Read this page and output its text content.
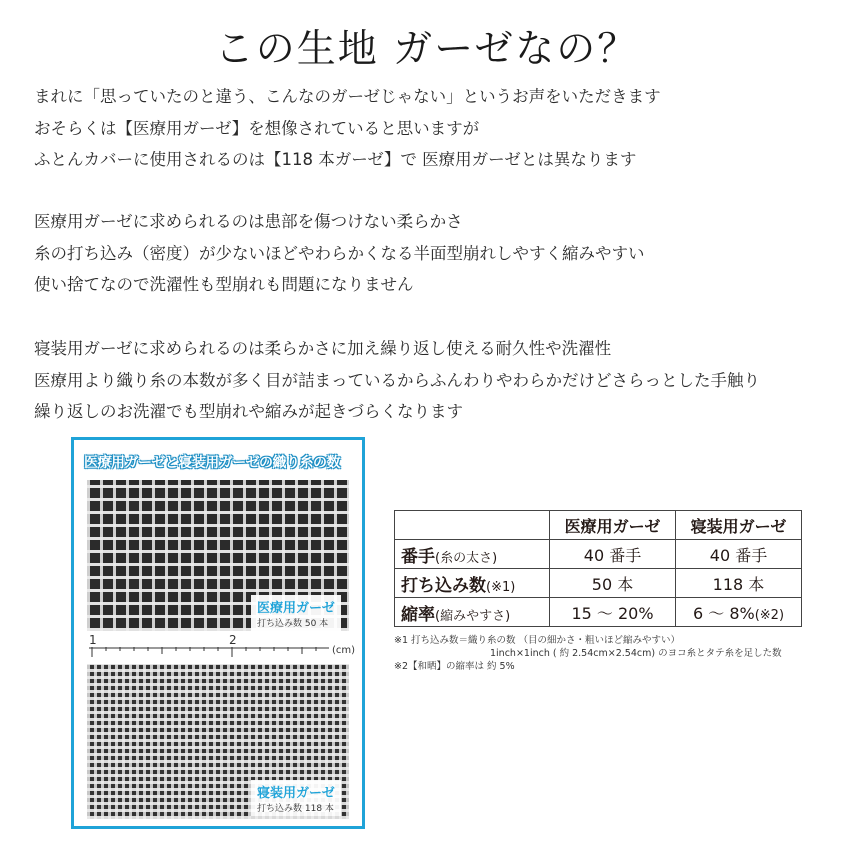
この生地 ガーゼなの？
まれに「思っていたのと違う、こんなのガーゼじゃない」というお声をいただきます
おそらくは【医療用ガーゼ】を想像されていると思いますが
ふとんカバーに使用されるのは【118 本ガーゼ】で 医療用ガーゼとは異なります
医療用ガーゼに求められるのは患部を傷つけない柔らかさ
糸の打ち込み（密度）が少ないほどやわらかくなる半面型崩れしやすく縮みやすい
使い捨てなので洗濯性も型崩れも問題になりません
寝装用ガーゼに求められるのは柔らかさに加え繰り返し使える耐久性や洗濯性
医療用より織り糸の本数が多く目が詰まっているからふんわりやわらかだけどさらっとした手触り
繰り返しのお洗濯でも型崩れや縮みが起きづらくなります
医療用ガーゼと寝装用ガーゼの織り糸の数
医療用ガーゼ
打ち込み数 50 本
1	2
(cm)
寝装用ガーゼ
打ち込み数 118 本
	医療用ガーゼ	寝装用ガーゼ
番手(糸の太さ)	40 番手	40 番手
打ち込み数(※1)	50 本	118 本
縮率(縮みやすさ)	15 〜 20%	6 〜 8%(※2)
※1 打ち込み数＝織り糸の数 （目の細かさ・粗いほど縮みやすい）
1inch×1inch ( 約 2.54cm×2.54cm) のヨコ糸とタテ糸を足した数
※2【和晒】の縮率は 約 5%
